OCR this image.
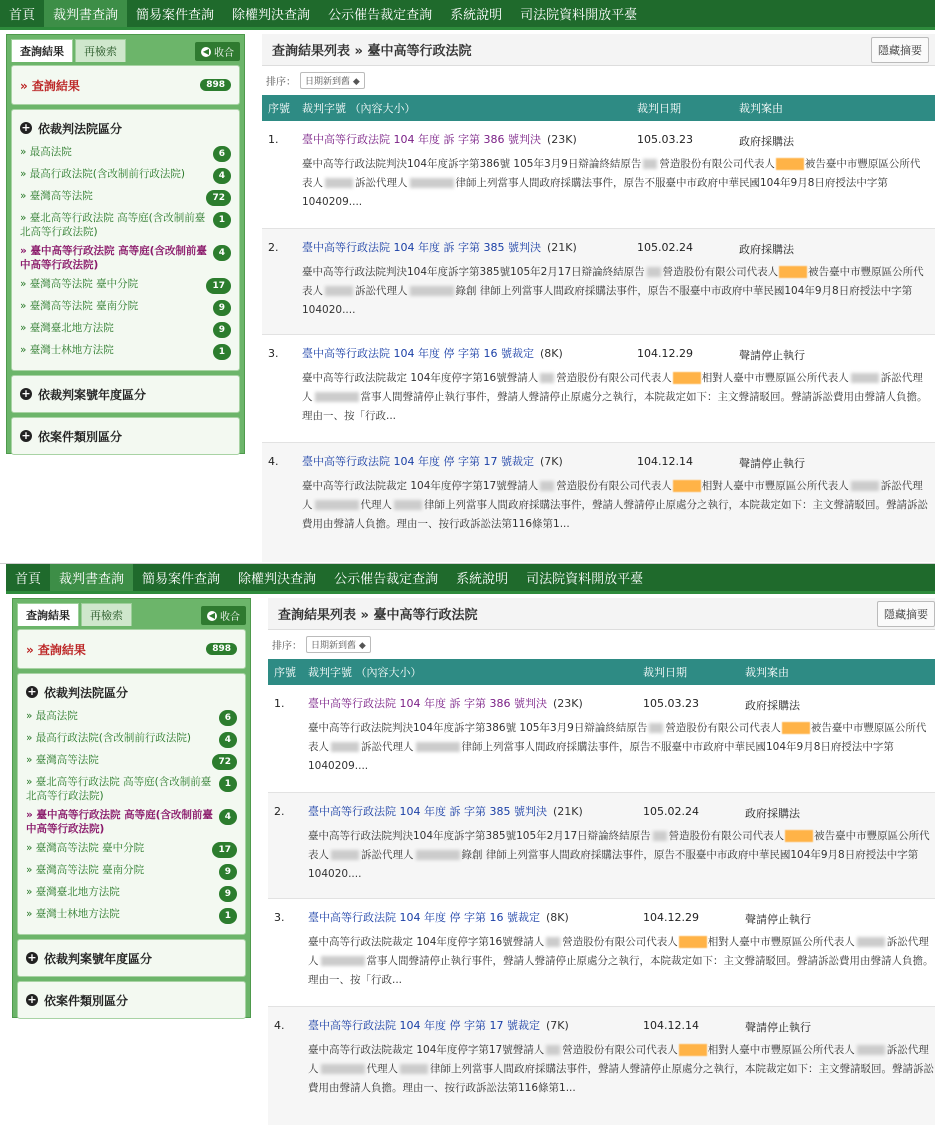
首頁	裁判書查詢	簡易案件查詢	除權判決查詢	公示催告裁定查詢	系統說明	司法院資料開放平臺
查詢結果	再檢索	◀ 收合
» 查詢結果	898
+ 依裁判法院區分
» 最高法院	6
» 最高行政法院(含改制前行政法院)	4
» 臺灣高等法院	72
» 臺北高等行政法院 高等庭(含改制前臺北高等行政法院)
1
» 臺中高等行政法院 高等庭(含改制前臺中高等行政法院)
4
» 臺灣高等法院 臺中分院	17
» 臺灣高等法院 臺南分院	9
» 臺灣臺北地方法院	9
» 臺灣士林地方法院	1
+ 依裁判案號年度區分
+ 依案件類別區分
查詢結果列表 » 臺中高等行政法院	隱藏摘要
排序：	日期新到舊 ◆
序號 裁判字號 （內容大小）	裁判日期	裁判案由
1. 臺中高等行政法院 104 年度 訴 字第 386 號判決 (23K)	105.03.23	政府採購法
臺中高等行政法院判決104年度訴字第386號 105年3月9日辯論終結原告 營造股份有限公司代表人	被告臺中市豐原區公所代表人	訴訟代理人	律師上列當事人間政府採購法事件，原告不服臺中市政府中華民國104年9月8日府授法中字第1040209....
2. 臺中高等行政法院 104 年度 訴 字第 385 號判決 (21K)	105.02.24	政府採購法
臺中高等行政法院判決104年度訴字第385號105年2月17日辯論終結原告 營造股份有限公司代表人	被告臺中市豐原區公所代表人	訴訟代理人	錄創 律師上列當事人間政府採購法事件，原告不服臺中市政府中華民國104年9月8日府授法中字第104020....
3. 臺中高等行政法院 104 年度 停 字第 16 號裁定 (8K)	104.12.29	聲請停止執行
臺中高等行政法院裁定 104年度停字第16號聲請人 營造股份有限公司代表人	相對人臺中市豐原區公所代表人	訴訟代理人	當事人間聲請停止執行事件，聲請人聲請停止原處分之執行，本院裁定如下：主文聲請駁回。聲請訴訟費用由聲請人負擔。理由一、按「行政...
4. 臺中高等行政法院 104 年度 停 字第 17 號裁定 (7K)	104.12.14	聲請停止執行
臺中高等行政法院裁定 104年度停字第17號聲請人 營造股份有限公司代表人	相對人臺中市豐原區公所代表人	訴訟代理人	代理人	律師上列當事人間政府採購法事件，聲請人聲請停止原處分之執行，本院裁定如下：主文聲請駁回。聲請訴訟費用由聲請人負擔。理由一、按行政訴訟法第116條第1...
首頁	裁判書查詢	簡易案件查詢	除權判決查詢	公示催告裁定查詢	系統說明	司法院資料開放平臺
查詢結果	再檢索	◀ 收合
» 查詢結果	898
+ 依裁判法院區分
» 最高法院	6
» 最高行政法院(含改制前行政法院)	4
» 臺灣高等法院	72
» 臺北高等行政法院 高等庭(含改制前臺北高等行政法院)
1
» 臺中高等行政法院 高等庭(含改制前臺中高等行政法院)
4
» 臺灣高等法院 臺中分院	17
» 臺灣高等法院 臺南分院	9
» 臺灣臺北地方法院	9
» 臺灣士林地方法院	1
+ 依裁判案號年度區分
+ 依案件類別區分
查詢結果列表 » 臺中高等行政法院	隱藏摘要
排序：	日期新到舊 ◆
序號 裁判字號 （內容大小）	裁判日期	裁判案由
1. 臺中高等行政法院 104 年度 訴 字第 386 號判決 (23K)	105.03.23	政府採購法
臺中高等行政法院判決104年度訴字第386號 105年3月9日辯論終結原告 營造股份有限公司代表人	被告臺中市豐原區公所代表人	訴訟代理人	律師上列當事人間政府採購法事件，原告不服臺中市政府中華民國104年9月8日府授法中字第1040209....
2. 臺中高等行政法院 104 年度 訴 字第 385 號判決 (21K)	105.02.24	政府採購法
臺中高等行政法院判決104年度訴字第385號105年2月17日辯論終結原告 營造股份有限公司代表人	被告臺中市豐原區公所代表人	訴訟代理人	錄創 律師上列當事人間政府採購法事件，原告不服臺中市政府中華民國104年9月8日府授法中字第104020....
3. 臺中高等行政法院 104 年度 停 字第 16 號裁定 (8K)	104.12.29	聲請停止執行
臺中高等行政法院裁定 104年度停字第16號聲請人 營造股份有限公司代表人	相對人臺中市豐原區公所代表人	訴訟代理人	當事人間聲請停止執行事件，聲請人聲請停止原處分之執行，本院裁定如下：主文聲請駁回。聲請訴訟費用由聲請人負擔。理由一、按「行政...
4. 臺中高等行政法院 104 年度 停 字第 17 號裁定 (7K)	104.12.14	聲請停止執行
臺中高等行政法院裁定 104年度停字第17號聲請人 營造股份有限公司代表人	相對人臺中市豐原區公所代表人	訴訟代理人	代理人	律師上列當事人間政府採購法事件，聲請人聲請停止原處分之執行，本院裁定如下：主文聲請駁回。聲請訴訟費用由聲請人負擔。理由一、按行政訴訟法第116條第1...
